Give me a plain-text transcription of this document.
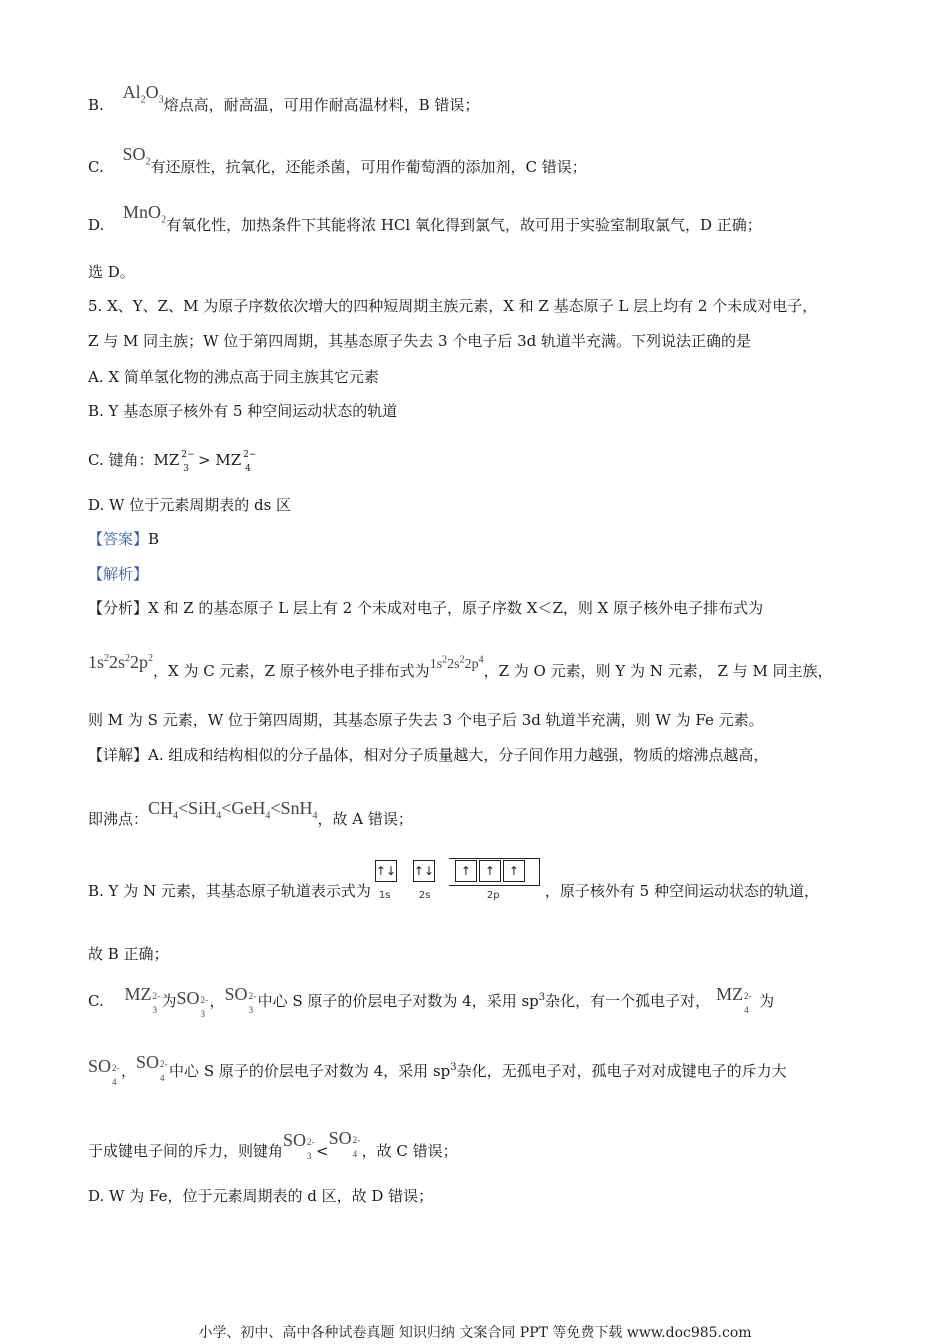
B. $Al_2O_3$熔点高，耐高温，可用作耐高温材料，B 错误；
C. $SO_2$有还原性，抗氧化，还能杀菌，可用作葡萄酒的添加剂，C 错误；
D. MnO$_2$有氧化性，加热条件下其能将浓 HCl 氧化得到氯气，故可用于实验室制取氯气，D 正确；
选 D。
5. X、Y、Z、M 为原子序数依次增大的四种短周期主族元素，X 和 Z 基态原子 L 层上均有 2 个未成对电子，
Z 与 M 同主族；W 位于第四周期，其基态原子失去 3 个电子后 3d 轨道半充满。下列说法正确的是
A. X 简单氢化物的沸点高于同主族其它元素
B. Y 基态原子核外有 5 种空间运动状态的轨道
C. 键角：MZ 2−
3 > MZ 2−
4
D. W 位于元素周期表的 ds 区
【答案】B
【解析】
【分析】X 和 Z 的基态原子 L 层上有 2 个未成对电子，原子序数 X＜Z，则 X 原子核外电子排布式为
$1s^22s^22p^2$，X 为 C 元素，Z 原子核外电子排布式为$1s^22s^22p^4$，Z 为 O 元素，则 Y 为 N 元素， Z 与 M 同主族，
则 M 为 S 元素，W 位于第四周期，其基态原子失去 3 个电子后 3d 轨道半充满，则 W 为 Fe 元素。
【详解】A. 组成和结构相似的分子晶体，相对分子质量越大，分子间作用力越强，物质的熔沸点越高，
即沸点：$CH_4<SiH_4<GeH_4<SnH_4$，故 A 错误；
B. Y 为 N 元素，其基态原子轨道表示式为
↑↓ ↑↓	↑	↑	↑
1s	2s	2p	，原子核外有 5 种空间运动状态的轨道，
故 B 正确；
C. MZ 2-
3 为SO 2-
3
，SO 2-
3 中心 S 原子的价层电子对数为 4，采用 $sp^3$杂化，有一个孤电子对， MZ 2-
4 为
SO 2-
4
，SO 2-
4 中心 S 原子的价层电子对数为 4，采用 $sp^3$杂化，无孤电子对，孤电子对对成键电子的斥力大
于成键电子间的斥力，则键角SO 2-
3 <SO 2-
4 ，故 C 错误；
D. W 为 Fe，位于元素周期表的 d 区，故 D 错误；
小学、初中、高中各种试卷真题 知识归纳 文案合同 PPT 等免费下载 www.doc985.com
